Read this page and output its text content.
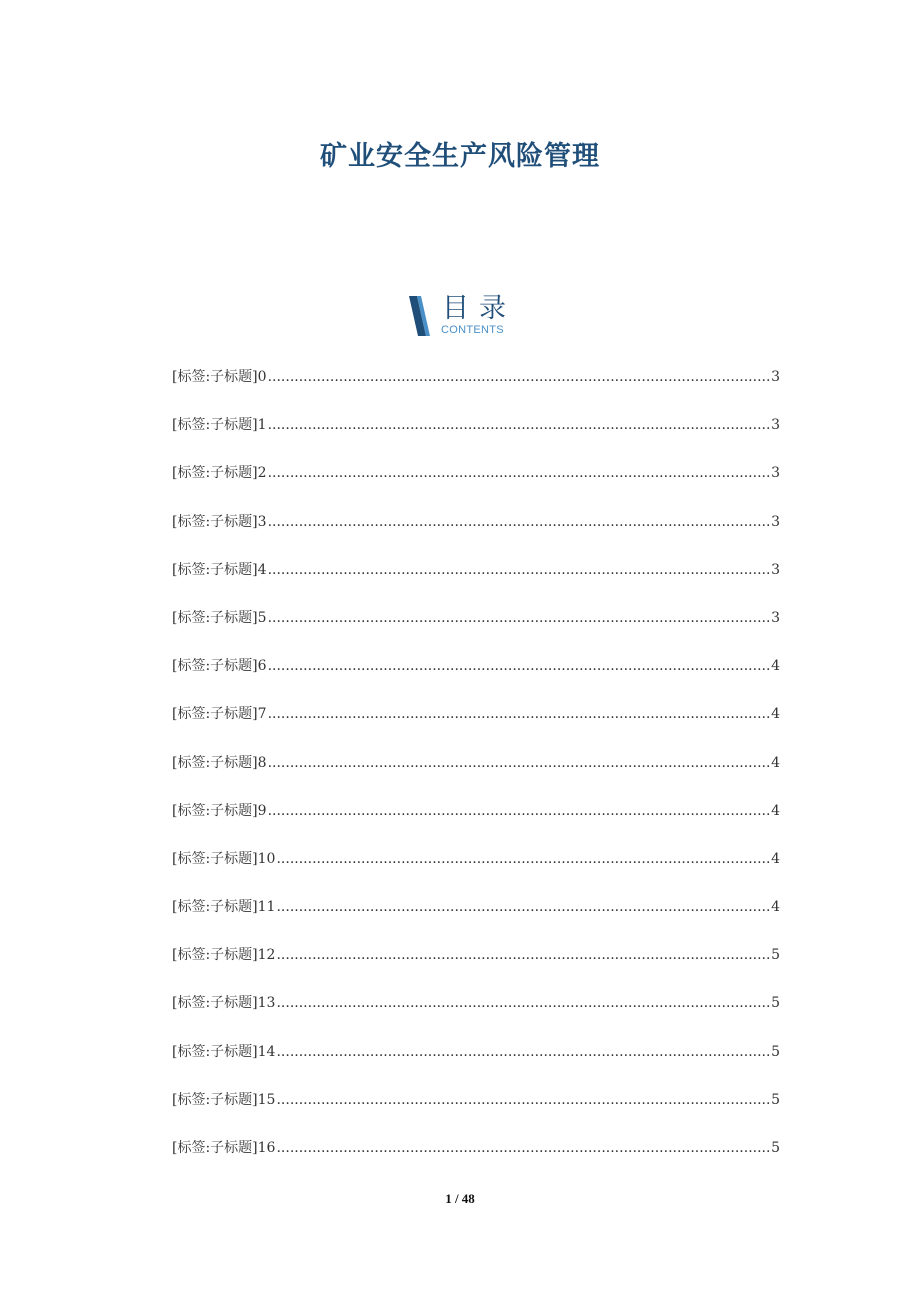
矿业安全生产风险管理
目录
CONTENTS
[标签:子标题]0 .....	3
[标签:子标题]1 .....	3
[标签:子标题]2 .....	3
[标签:子标题]3 .....	3
[标签:子标题]4 .....	3
[标签:子标题]5 .....	3
[标签:子标题]6 .....	4
[标签:子标题]7 .....	4
[标签:子标题]8 .....	4
[标签:子标题]9 .....	4
[标签:子标题]10 .....	4
[标签:子标题]11 .....	4
[标签:子标题]12 .....	5
[标签:子标题]13 .....	5
[标签:子标题]14 .....	5
[标签:子标题]15 .....	5
[标签:子标题]16 .....	5
1 / 48
